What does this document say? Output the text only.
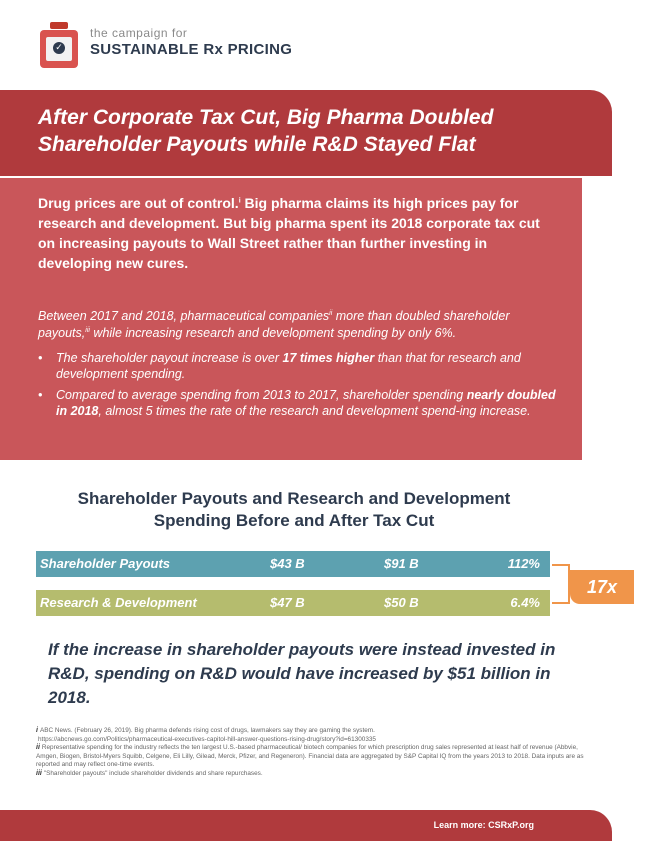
✓
the campaign for
SUSTAINABLE Rx PRICING
After Corporate Tax Cut, Big Pharma Doubled
Shareholder Payouts while R&D Stayed Flat

Drug prices are out of control.$^i$ Big pharma claims its high prices pay for research and development. But big pharma spent its 2018 corporate tax cut on increasing payouts to Wall Street rather than further investing in developing new cures.

Between 2017 and 2018, pharmaceutical companies$^{ii}$ more than doubled shareholder payouts,$^{iii}$ while increasing research and development spending by only 6%.

• The shareholder payout increase is over 17 times higher than that for research and development spending.
• Compared to average spending from 2013 to 2017, shareholder spending nearly doubled in 2018, almost 5 times the rate of the research and development spend-ing increase.
Shareholder Payouts and Research and Development Spending Before and After Tax Cut
Shareholder Payouts	$43 B	$91 B	112%
Research & Development	$47 B	$50 B	6.4%
17x

If the increase in shareholder payouts were instead invested in R&D, spending on R&D would have increased by $51 billion in 2018.

i ABC News. (February 26, 2019). Big pharma defends rising cost of drugs, lawmakers say they are gaming the system.

https://abcnews.go.com/Politics/pharmaceutical-executives-capitol-hill-answer-questions-rising-drug/story?id=61300335

ii Representative spending for the industry reflects the ten largest U.S.-based pharmaceutical/ biotech companies for which prescription drug sales represented at least half of revenue (Abbvie, Amgen, Biogen, Bristol-Myers Squibb, Celgene, Eli Lilly, Gilead, Merck, Pfizer, and Regeneron). Financial data are aggregated by S&P Capital IQ from the years 2013 to 2018. Data inputs are as reported and may reflect one-time events.

iii "Shareholder payouts" include shareholder dividends and share repurchases.

Learn more: CSRxP.org
